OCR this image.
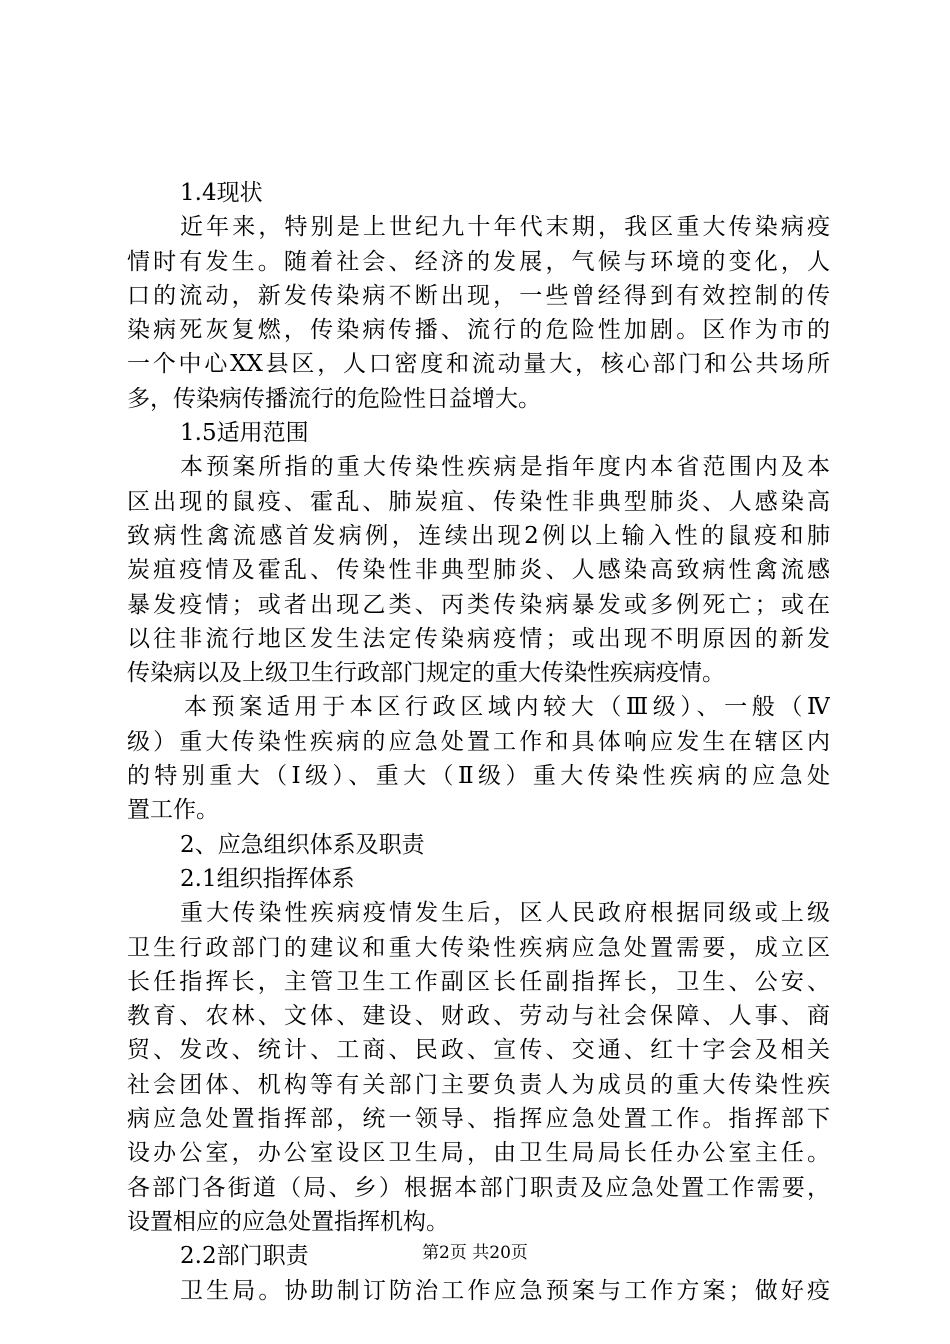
1.4现状
近年来，特别是上世纪九十年代末期，我区重大传染病疫
情时有发生。随着社会、经济的发展，气候与环境的变化，人
口的流动，新发传染病不断出现，一些曾经得到有效控制的传
染病死灰复燃，传染病传播、流行的危险性加剧。区作为市的
一个中心XX县区，人口密度和流动量大，核心部门和公共场所
多，传染病传播流行的危险性日益增大。
1.5适用范围
本预案所指的重大传染性疾病是指年度内本省范围内及本
区出现的鼠疫、霍乱、肺炭疽、传染性非典型肺炎、人感染高
致病性禽流感首发病例，连续出现2例以上输入性的鼠疫和肺
炭疽疫情及霍乱、传染性非典型肺炎、人感染高致病性禽流感
暴发疫情；或者出现乙类、丙类传染病暴发或多例死亡；或在
以往非流行地区发生法定传染病疫情；或出现不明原因的新发
传染病以及上级卫生行政部门规定的重大传染性疾病疫情。
本预案适用于本区行政区域内较大（Ⅲ级）、一般（Ⅳ
级）重大传染性疾病的应急处置工作和具体响应发生在辖区内
的特别重大（Ⅰ级）、重大（Ⅱ级）重大传染性疾病的应急处
置工作。
2、应急组织体系及职责
2.1组织指挥体系
重大传染性疾病疫情发生后，区人民政府根据同级或上级
卫生行政部门的建议和重大传染性疾病应急处置需要，成立区
长任指挥长，主管卫生工作副区长任副指挥长，卫生、公安、
教育、农林、文体、建设、财政、劳动与社会保障、人事、商
贸、发改、统计、工商、民政、宣传、交通、红十字会及相关
社会团体、机构等有关部门主要负责人为成员的重大传染性疾
病应急处置指挥部，统一领导、指挥应急处置工作。指挥部下
设办公室，办公室设区卫生局，由卫生局局长任办公室主任。
各部门各街道（局、乡）根据本部门职责及应急处置工作需要，
设置相应的应急处置指挥机构。
2.2部门职责
卫生局。协助制订防治工作应急预案与工作方案；做好疫
第2页 共20页
